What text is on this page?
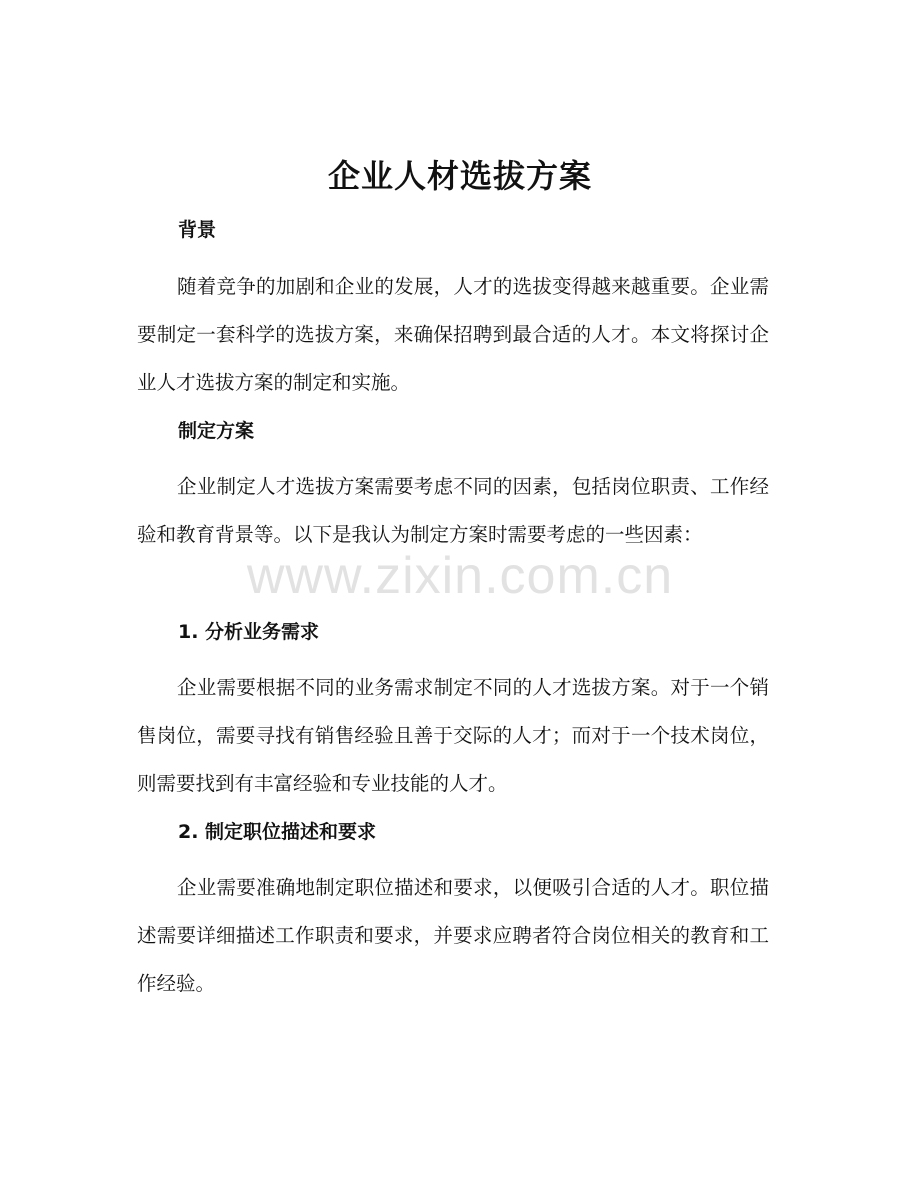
企业人材选拔方案
背景

随着竞争的加剧和企业的发展，人才的选拔变得越来越重要。企业需要制定一套科学的选拔方案，来确保招聘到最合适的人才。本文将探讨企业人才选拔方案的制定和实施。

制定方案

企业制定人才选拔方案需要考虑不同的因素，包括岗位职责、工作经验和教育背景等。以下是我认为制定方案时需要考虑的一些因素：

1. 分析业务需求

企业需要根据不同的业务需求制定不同的人才选拔方案。对于一个销售岗位，需要寻找有销售经验且善于交际的人才；而对于一个技术岗位，则需要找到有丰富经验和专业技能的人才。

2. 制定职位描述和要求

企业需要准确地制定职位描述和要求，以便吸引合适的人才。职位描述需要详细描述工作职责和要求，并要求应聘者符合岗位相关的教育和工作经验。

www.zixin.com.cn
